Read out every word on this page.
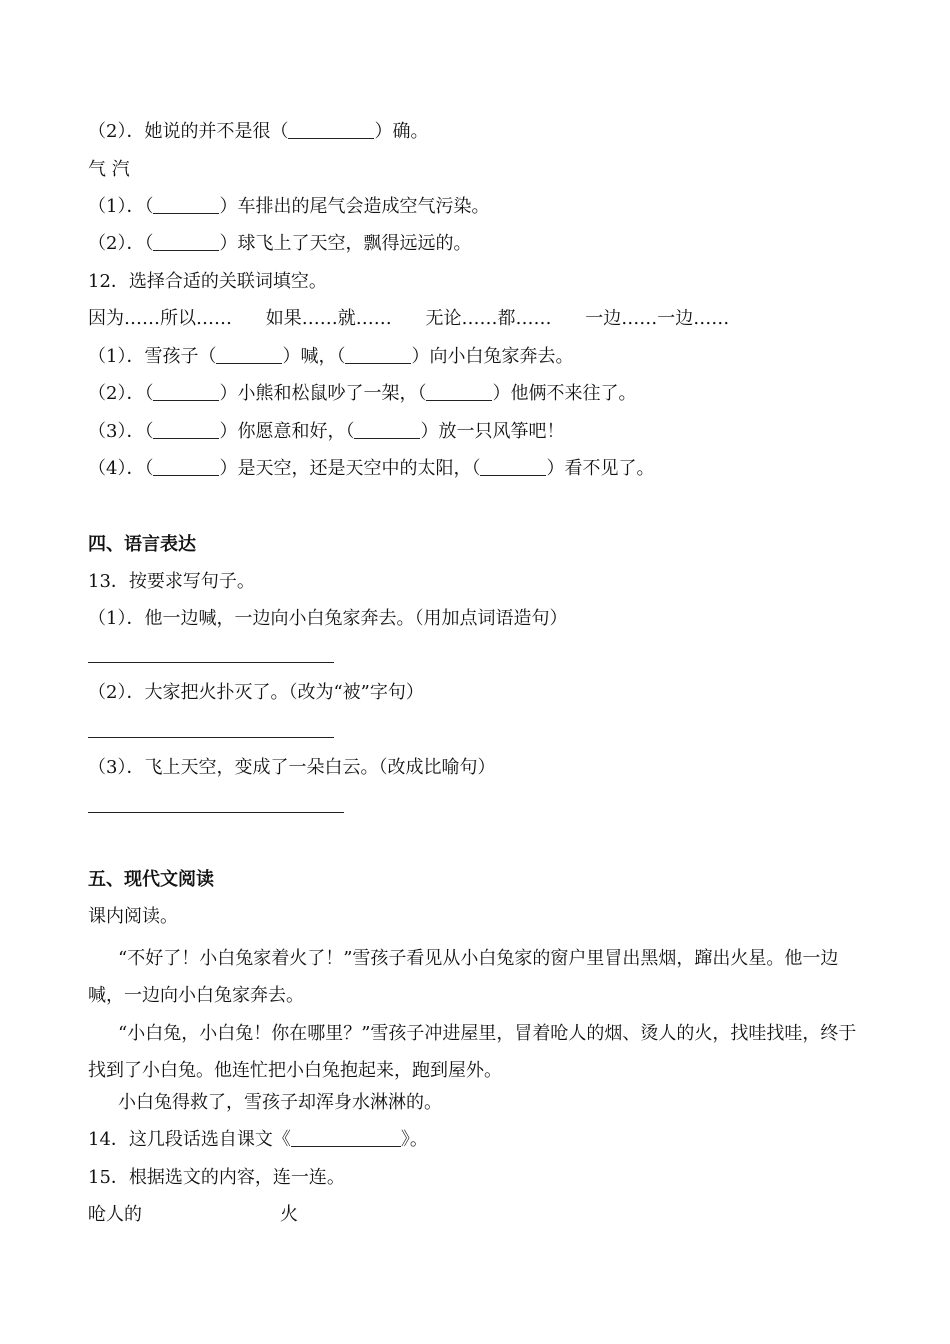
（2）．她说的并不是很（	）确。
气 汽
（1）．（	）车排出的尾气会造成空气污染。
（2）．（	）球飞上了天空，飘得远远的。
12．选择合适的关联词填空。
因为……所以…… 如果……就…… 无论……都…… 一边……一边……
（1）．雪孩子（	）喊，（	）向小白兔家奔去。
（2）．（	）小熊和松鼠吵了一架，（	）他俩不来往了。
（3）．（	）你愿意和好，（	）放一只风筝吧！
（4）．（	）是天空，还是天空中的太阳，（	）看不见了。
四、语言表达
13．按要求写句子。
（1）．他一边喊，一边向小白兔家奔去。（用加点词语造句）
（2）．大家把火扑灭了。（改为“被”字句）
（3）．飞上天空，变成了一朵白云。（改成比喻句）
五、现代文阅读
课内阅读。
“不好了！小白兔家着火了！”雪孩子看见从小白兔家的窗户里冒出黑烟，蹿出火星。他一边喊，一边向小白兔家奔去。
“小白兔，小白兔！你在哪里？”雪孩子冲进屋里，冒着呛人的烟、烫人的火，找哇找哇，终于找到了小白兔。他连忙把小白兔抱起来，跑到屋外。
小白兔得救了，雪孩子却浑身水淋淋的。
14．这几段话选自课文《	》。
15．根据选文的内容，连一连。
呛人的	火
